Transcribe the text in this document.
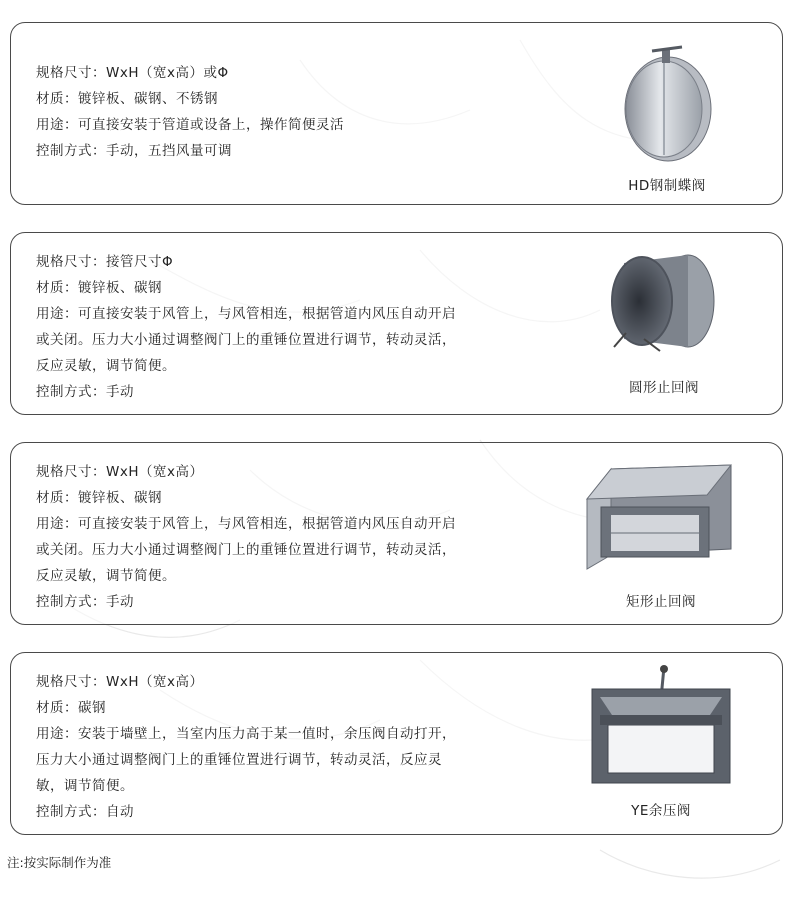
规格尺寸：WxH（宽x高）或Φ
材质：镀锌板、碳钢、不锈钢
用途：可直接安装于管道或设备上，操作简便灵活
控制方式：手动，五挡风量可调
HD钢制蝶阀
规格尺寸：接管尺寸Φ
材质：镀锌板、碳钢
用途：可直接安装于风管上，与风管相连，根据管道内风压自动开启
或关闭。压力大小通过调整阀门上的重锤位置进行调节，转动灵活，
反应灵敏，调节简便。
控制方式：手动	圆形止回阀
规格尺寸：WxH（宽x高）
材质：镀锌板、碳钢
用途：可直接安装于风管上，与风管相连，根据管道内风压自动开启
或关闭。压力大小通过调整阀门上的重锤位置进行调节，转动灵活，
反应灵敏，调节简便。
控制方式：手动	矩形止回阀
规格尺寸：WxH（宽x高）
材质：碳钢
用途：安装于墙壁上，当室内压力高于某一值时，余压阀自动打开，
压力大小通过调整阀门上的重锤位置进行调节，转动灵活，反应灵
敏，调节简便。
控制方式：自动	YE余压阀
注:按实际制作为准
